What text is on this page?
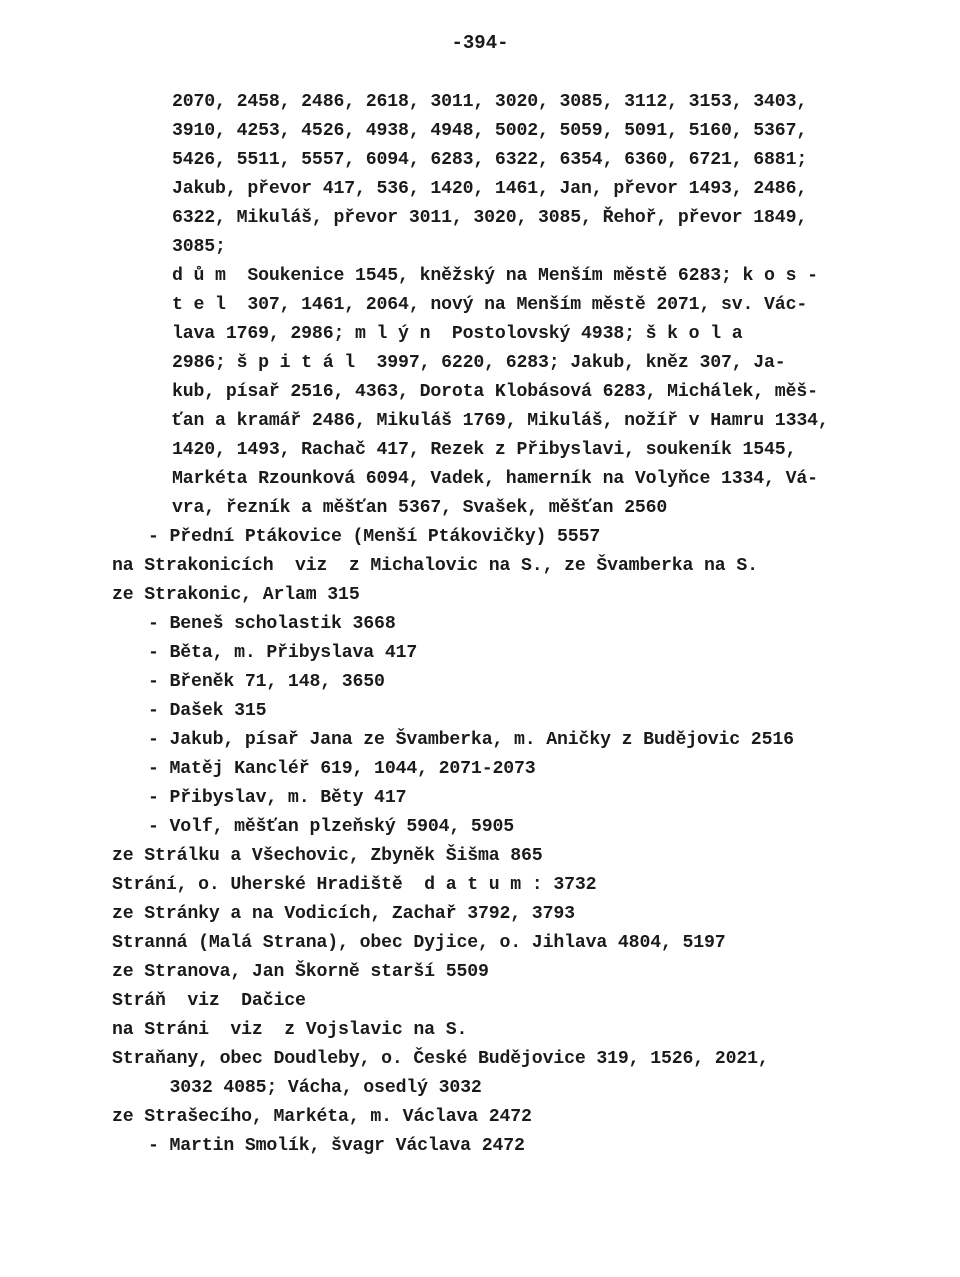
-394-
2070, 2458, 2486, 2618, 3011, 3020, 3085, 3112, 3153, 3403,
3910, 4253, 4526, 4938, 4948, 5002, 5059, 5091, 5160, 5367,
5426, 5511, 5557, 6094, 6283, 6322, 6354, 6360, 6721, 6881;
Jakub, převor 417, 536, 1420, 1461, Jan, převor 1493, 2486,
6322, Mikuláš, převor 3011, 3020, 3085, Řehoř, převor 1849,
3085;
d ů m  Soukenice 1545, kněžský na Menším městě 6283; k o s -
t e l  307, 1461, 2064, nový na Menším městě 2071, sv. Vác-
lava 1769, 2986; m l ý n  Postolovský 4938; š k o l a
2986; š p i t á l  3997, 6220, 6283; Jakub, kněz 307, Ja-
kub, písař 2516, 4363, Dorota Klobásová 6283, Michálek, měš-
ťan a kramář 2486, Mikuláš 1769, Mikuláš, nožíř v Hamru 1334,
1420, 1493, Rachač 417, Rezek z Přibyslavi, soukeník 1545,
Markéta Rzounková 6094, Vadek, hamerník na Volyňce 1334, Vá-
vra, řezník a měšťan 5367, Svašek, měšťan 2560
- Přední Ptákovice (Menší Ptákovičky) 5557
na Strakonicích  viz  z Michalovic na S., ze Švamberka na S.
ze Strakonic, Arlam 315
- Beneš scholastik 3668
- Běta, m. Přibyslava 417
- Břeněk 71, 148, 3650
- Dašek 315
- Jakub, písař Jana ze Švamberka, m. Aničky z Budějovic 2516
- Matěj Kancléř 619, 1044, 2071-2073
- Přibyslav, m. Běty 417
- Volf, měšťan plzeňský 5904, 5905
ze Strálku a Všechovic, Zbyněk Šišma 865
Strání, o. Uherské Hradiště  d a t u m : 3732
ze Stránky a na Vodicích, Zachař 3792, 3793
Stranná (Malá Strana), obec Dyjice, o. Jihlava 4804, 5197
ze Stranova, Jan Škorně starší 5509
Stráň  viz  Dačice
na Stráni  viz  z Vojslavic na S.
Straňany, obec Doudleby, o. České Budějovice 319, 1526, 2021,
3032 4085; Vácha, osedlý 3032
ze Strašecího, Markéta, m. Václava 2472
- Martin Smolík, švagr Václava 2472
